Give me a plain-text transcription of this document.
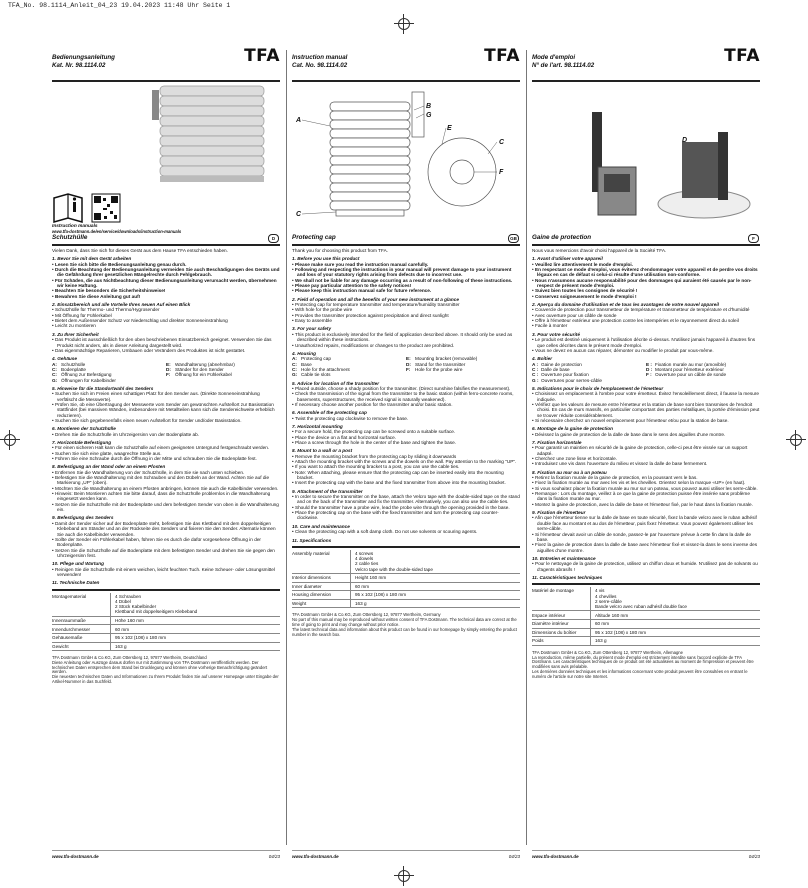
TFA_No. 98.1114_Anleit_04_23 19.04.2023 11:48 Uhr Seite 1
Bedienungsanleitung
Kat. Nr. 98.1114.02	TFA
Instruction manuals
www.tfa-dostmann.de/en/service/downloads/instruction-manuals
Schutzhülle	D
Vielen Dank, dass Sie sich für dieses Gerät aus dem Hause TFA entschieden haben.
1. Bevor Sie mit dem Gerät arbeiten
• Lesen Sie sich bitte die Bedienungsanleitung genau durch.
• Durch die Beachtung der Bedienungsanleitung vermeiden Sie auch Beschädigungen des Geräts und die Gefährdung Ihrer gesetzlichen Mängelrechte durch Fehlgebrauch.
• Für Schäden, die aus Nichtbeachtung dieser Bedienungsanleitung verursacht werden, übernehmen wir keine Haftung.
• Beachten Sie besonders die Sicherheitshinweise!
• Bewahren Sie diese Anleitung gut auf!
2. Einsatzbereich und alle Vorteile Ihres neuen Auf einen Blick
• Schutzhülle für Thermo- und Thermo/Hygrosender
• Mit Öffnung für Fühlerkabel
• Bietet dem Außensender Schutz vor Niederschlag und direkter Sonneneinstrahlung
• Leicht zu montieren
3. Zu Ihrer Sicherheit
• Das Produkt ist ausschließlich für den oben beschriebenen Einsatzbereich geeignet. Verwenden Sie das Produkt nicht anders, als in dieser Anleitung dargestellt wird.
• Das eigenmächtige Reparieren, Umbauen oder Verändern des Produktes ist nicht gestattet.
4. Gehäuse
A: Schutzhülle	E: Wandhalterung (abnehmbar)
C: Bodenplatte	D: Ständer für den Sender
C: Öffnung zur Befestigung	F: Öffnung für ein Fühlerkabel
G: Öffnungen für Kabelbinder
5. Hinweise für die Standortwahl des Senders
• Suchen Sie sich im Freien einen schattigen Platz für den Sender aus. (Direkte Sonneneinstrahlung verfälscht die Messwerte).
• Prüfen Sie, ob eine Übertragung der Messwerte vom Sender am gewünschten Aufstellort zur Basisstation stattfindet (bei massiven Wänden, insbesondere mit Metallteilen kann sich die Sendereichweite erheblich reduzieren).
• Suchen Sie sich gegebenenfalls einen neuen Aufstellort für Sender und/oder Basisstation.
6. Montieren der Schutzhülle
• Drehen Sie die Schutzhülle im Uhrzeigersinn von der Bodenplatte ab.
7. Horizontale Befestigung
• Für einen sicheren Halt kann die Schutzhülle auf einem geeigneten Untergrund festgeschraubt werden.
• Suchen Sie sich eine glatte, waagrechte Stelle aus.
• Führen Sie eine Schraube durch die Öffnung in der Mitte und schrauben Sie die Bodenplatte fest.
8. Befestigung an der Wand oder an einem Pfosten
• Entfernen Sie die Wandhalterung von der Schutzhülle, in dem Sie sie nach unten schieben.
• Befestigen Sie die Wandhalterung mit den Schrauben und den Dübeln an der Wand. Achten Sie auf die Markierung „UP“ (oben).
• Möchten Sie die Wandhalterung an einem Pfosten anbringen, können Sie auch die Kabelbinder verwenden.
• Hinweis: Beim Montieren achten Sie bitte darauf, dass die Schutzhülle problemlos in die Wandhalterung eingesetzt werden kann.
• Setzen Sie die Schutzhülle mit der Bodenplatte und dem befestigten Sender von oben in die Wandhalterung ein.
9. Befestigung des Senders
• Damit der Sender sicher auf der Bodenplatte steht, befestigen Sie das Klettband mit dem doppelseitigen Klebeband am Ständer und an der Rückseite des Senders und fixieren Sie den Sender. Alternativ können Sie auch die Kabelbinder verwenden.
• Sollte der Sender ein Fühlerkabel haben, führen Sie es durch die dafür vorgesehene Öffnung in der Bodenplatte.
• Setzen Sie die Schutzhülle auf die Bodenplatte mit dem befestigten Sender und drehen Sie sie gegen den Uhrzeigersinn fest.
10. Pflege und Wartung
• Reinigen Sie die Schutzhülle mit einem weichen, leicht feuchten Tuch. Keine Scheuer- oder Lösungsmittel verwenden!
11. Technische Daten
Montagematerial	4 Schrauben
4 Dübel
2 Stück Kabelbinder
Klettband mit doppelseitigem Klebeband
Innenraummaße	Höhe 160 mm
Innendurchmesser	60 mm
Gehäusemaße	95 x 102 (108) x 180 mm
Gewicht	163 g
TFA Dostmann GmbH & Co.KG, Zum Ottersberg 12, 97877 Wertheim, Deutschland
Diese Anleitung oder Auszüge daraus dürfen nur mit Zustimmung von TFA Dostmann veröffentlicht werden. Der technischen Daten entsprechen dem Stand bei Drucklegung und können ohne vorherige Benachrichtigung geändert werden.
Die neuesten technischen Daten und Informationen zu Ihrem Produkt finden Sie auf unserer Homepage unter Eingabe der Artikel-Nummer in das Suchfeld.
www.tfa-dostmann.de	04/23
Instruction manual
Cat. No. 98.1114.02	TFA
A
B
G
E
C
F
C
Protecting cap	GB
Thank you for choosing this product from TFA.
1. Before you use this product
• Please make sure you read the instruction manual carefully.
• Following and respecting the instructions in your manual will prevent damage to your instrument and loss of your statutory rights arising from defects due to incorrect use.
• We shall not be liable for any damage occurring as a result of non-following of these instructions.
• Please pay particular attention to the safety notices!
• Please keep this instruction manual safe for future reference.
2. Field of operation and all the benefits of your new instrument at a glance
• Protecting cap for temperature transmitter and temperature/humidity transmitter
• With hole for the probe wire
• Provides the transmitter protection against precipitation and direct sunlight
• Easy to assemble
3. For your safety
• This product is exclusively intended for the field of application described above. It should only be used as described within these instructions.
• Unauthorized repairs, modifications or changes to the product are prohibited.
4. Housing
A: Protecting cap	E: Mounting bracket (removable)
C: Base	D: Stand for the transmitter
C: Hole for the attachment	F: Hole for the probe wire
G: Cable tie slots
5. Advice for location of the transmitter
• Placed outside, choose a shady position for the transmitter. (Direct sunshine falsifies the measurement).
• Check the transmission of the signal from the transmitter to the basic station (within ferro-concrete rooms, basements, superstructures, the received signal is naturally weakened).
• If necessary choose another position for the transmitter and/or basic station.
6. Assemble of the protecting cap
• Twist the protecting cap clockwise to remove the base.
7. Horizontal mounting
• For a secure hold, the protecting cap can be screwed onto a suitable surface.
• Place the device on a flat and horizontal surface.
• Place a screw through the hole in the center of the base and tighten the base.
8. Mount to a wall or a post
• Remove the mounting bracket from the protecting cap by sliding it downwards
• Attach the mounting bracket with the screws and the dowels on the wall. Pay attention to the marking "UP".
• If you want to attach the mounting bracket to a post, you can use the cable ties.
• Note: When attaching, please ensure that the protecting cap can be inserted easily into the mounting bracket.
• Insert the protecting cap with the base and the fixed transmitter from above into the mounting bracket.
9. Attachment of the transmitter
• In order to secure the transmitter on the base, attach the Velcro tape with the double-sided tape on the stand and on the back of the transmitter and fix the transmitter. Alternatively, you can also use the cable ties.
• Should the transmitter have a probe wire, lead the probe wire through the opening provided in the base.
• Place the protecting cap on the base with the fixed transmitter and turn the protecting cap counter-clockwise.
10. Care and maintenance
• Clean the protecting cap with a soft damp cloth. Do not use solvents or scouring agents.
11. Specifications
Assembly material	4 screws
4 dowels
2 cable ties
Velcro tape with the double-sided tape
Interior dimensions	Height 160 mm
Inner diameter	60 mm
Housing dimension	95 x 102 (108) x 180 mm
Weight	163 g
TFA Dostmann GmbH & Co.KG, Zum Ottersberg 12, 97877 Wertheim, Germany
No part of this manual may be reproduced without written consent of TFA Dostmann. The technical data are correct at the time of going to print and may change without prior notice.
The latest technical data and information about this product can be found in our homepage by simply entering the product number in the search box.
www.tfa-dostmann.de	04/23
Mode d'emploi
N° de l'art. 98.1114.02	TFA
D
Gaine de protection	F
Nous vous remercions d'avoir choisi l'appareil de la Société TFA.
1. Avant d'utiliser votre appareil
• Veuillez lire attentivement le mode d'emploi.
• En respectant ce mode d'emploi, vous éviterez d'endommager votre appareil et de perdre vos droits légaux en cas de défaut si celui-ci résulte d'une utilisation non-conforme.
• Nous n'assumons aucune responsabilité pour des dommages qui auraient été causés par le non-respect de présent mode d'emploi.
• Suivez bien toutes les consignes de sécurité !
• Conservez soigneusement le mode d'emploi !
2. Aperçu du domaine d'utilisation et de tous les avantages de votre nouvel appareil
• Couvercle de protection pour transmetteur de température et transmetteur de température et d'humidité
• Avec ouverture pour un câble de sonde
• Offre à l'émetteur extérieur une protection contre les intempéries et le rayonnement direct du soleil
• Facile à monter
3. Pour votre sécurité
• Le produit est destiné uniquement à l'utilisation décrite ci-dessus. N'utilisez jamais l'appareil à d'autres fins que celles décrites dans le présent mode d'emploi.
• Vous ne devez en aucun cas réparer, démonter ou modifier le produit par vous-même.
4. Boîtier
A : Gaine de protection	E : Fixation murale au mur (amovible)
C : Dalle de base	D : Montant pour l'émetteur extérieur
C : Ouverture pour fixation	F : Ouverture pour un câble de sonde
G : Ouvertures pour serres-câble
5. Indications pour le choix de l'emplacement de l'émetteur
• Choisissez un emplacement à l'ombre pour votre émetteur. Évitez l'ensoleillement direct, il fausse la mesure indiquée.
• Vérifiez que les valeurs de mesure entre l'émetteur et la station de base sont bien transmises de l'endroit choisi. En cas de murs massifs, en particulier comportant des parties métalliques, la portée d'émission peut se trouver réduite considérablement.
• Si nécessaire cherchez un nouvel emplacement pour l'émetteur et/ou pour la station de base.
6. Montage de la gaine de protection
• Dévissez la gaine de protection de la dalle de base dans le sens des aiguilles d'une montre.
7. Fixation horizontale
• Pour garantir un maintien en sécurité de la gaine de protection, celle-ci peut être vissée sur un support adapté.
• Cherchez une zone lisse et horizontale.
• Introduisez une vis dans l'ouverture du milieu et vissez la dalle de base fermement.
8. Fixation au mur ou à un poteau
• Retirez la fixation murale de la gaine de protection, en la poussant vers le bas.
• Fixez la fixation murale au mur avec les vis et les chevilles. Orientez selon la marque «UP» (en haut).
• Si vous souhaitez placer la fixation murale au mur sur un poteau, vous pouvez aussi utiliser les serre-câble.
• Remarque : Lors du montage, veillez à ce que la gaine de protection puisse être insérée sans problème dans la fixation murale au mur.
• Montez la gaine de protection, avec la dalle de base et l'émetteur fixé, par le haut dans la fixation murale.
9. Fixation de l'émetteur
• Afin que l'émetteur tienne sur la dalle de base en toute sécurité, fixez la bande velcro avec le ruban adhésif double face au montant et au dos de l'émetteur, puis fixez l'émetteur. Vous pouvez également utiliser les serre-câble.
• Si l'émetteur devait avoir un câble de sonde, passez-le par l'ouverture prévue à cette fin dans la dalle de base.
• Fixez la gaine de protection dans la dalle de base avec l'émetteur fixé et vissez-la dans le sens inverse des aiguilles d'une montre.
10. Entretien et maintenance
• Pour le nettoyage de la gaine de protection, utilisez un chiffon doux et humide. N'utilisez pas de solvants ou d'agents abrasifs !
11. Caractéristiques techniques
Matériel de montage	4 vis
4 chevilles
2 serre-câble
Bande velcro avec ruban adhésif double face
Espace intérieur	Altitude 160 mm
Diamètre intérieur	60 mm
Dimensions du boîtier	95 x 102 (108) x 180 mm
Poids	163 g
TFA Dostmann GmbH & Co.KG, Zum Ottersberg 12, 97877 Wertheim, Allemagne
La reproduction, même partielle, du présent mode d'emploi est strictement interdite sans l'accord explicite de TFA Dostmann. Les caractéristiques techniques de ce produit ont été actualisées au moment de l'impression et peuvent être modifiées sans avis préalable.
Les dernières données techniques et les informations concernant votre produit peuvent être consultées en entrant le numéro de l'article sur notre site Internet.
www.tfa-dostmann.de	04/23
